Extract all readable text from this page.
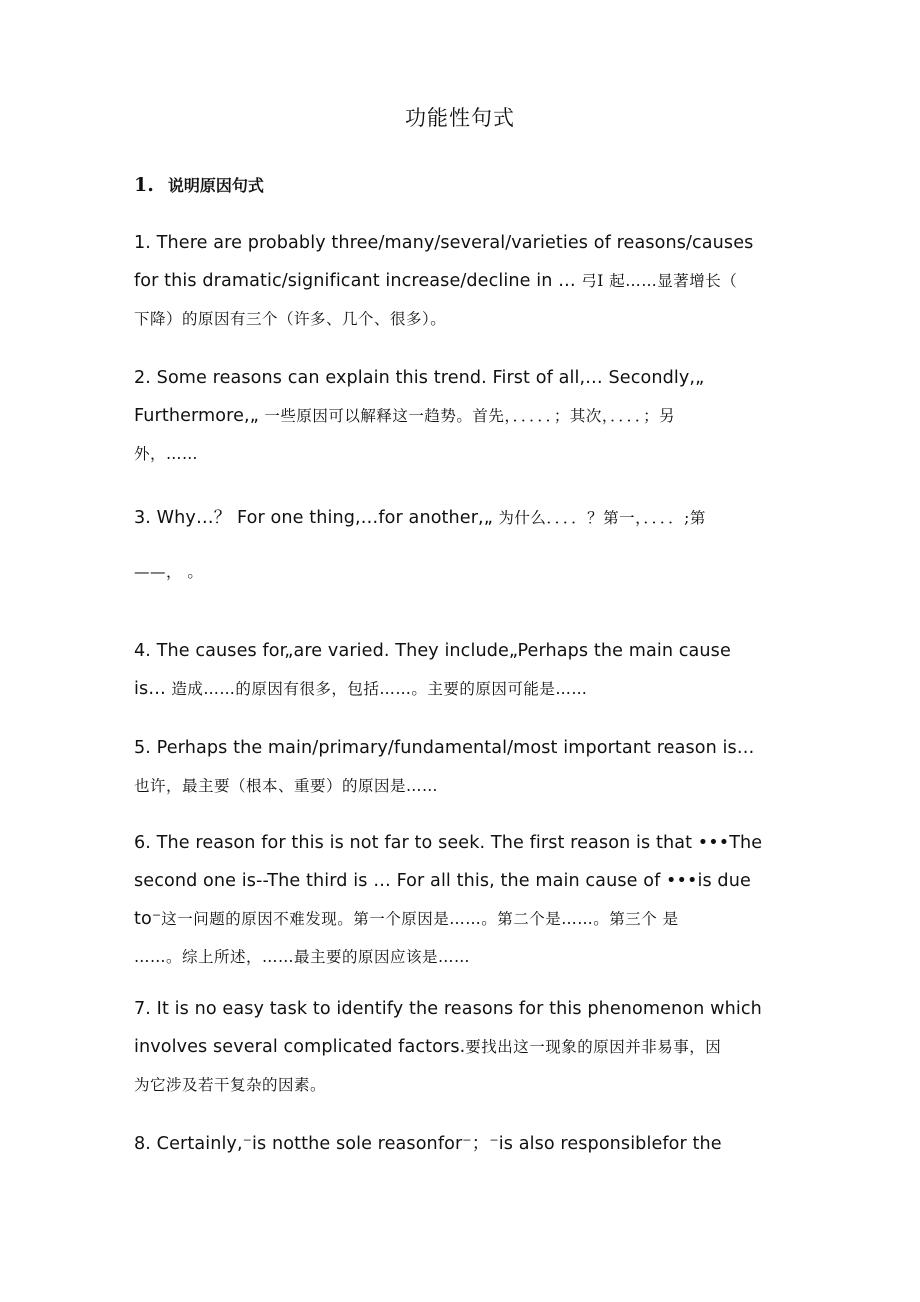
功能性句式
1. 说明原因句式
1. There are probably three/many/several/varieties of reasons/causes
for this dramatic/significant increase/decline in … 弓I 起……显著增长（
下降）的原因有三个（许多、几个、很多）。
2. Some reasons can explain this trend. First of all,… Secondly,„
Furthermore,„ 一些原因可以解释这一趋势。首先，．．．．．；其次，．．．．；另
外，……
3. Why…？ For one thing,…for another,„ 为什么．．．．？第一，．．．．;第
——， 。
4. The causes for„are varied. They include„Perhaps the main cause
is… 造成……的原因有很多，包括……。主要的原因可能是……
5. Perhaps the main/primary/fundamental/most important reason is…
也许，最主要（根本、重要）的原因是……
6. The reason for this is not far to seek. The first reason is that •••The
second one is--The third is … For all this, the main cause of •••is due
to⁻这一问题的原因不难发现。第一个原因是……。第二个是……。第三个 是
……。综上所述，……最主要的原因应该是……
7. It is no easy task to identify the reasons for this phenomenon which
involves several complicated factors.要找出这一现象的原因并非易事，因
为它涉及若干复杂的因素。
8. Certainly,⁻is notthe sole reasonfor⁻；⁻is also responsiblefor the
